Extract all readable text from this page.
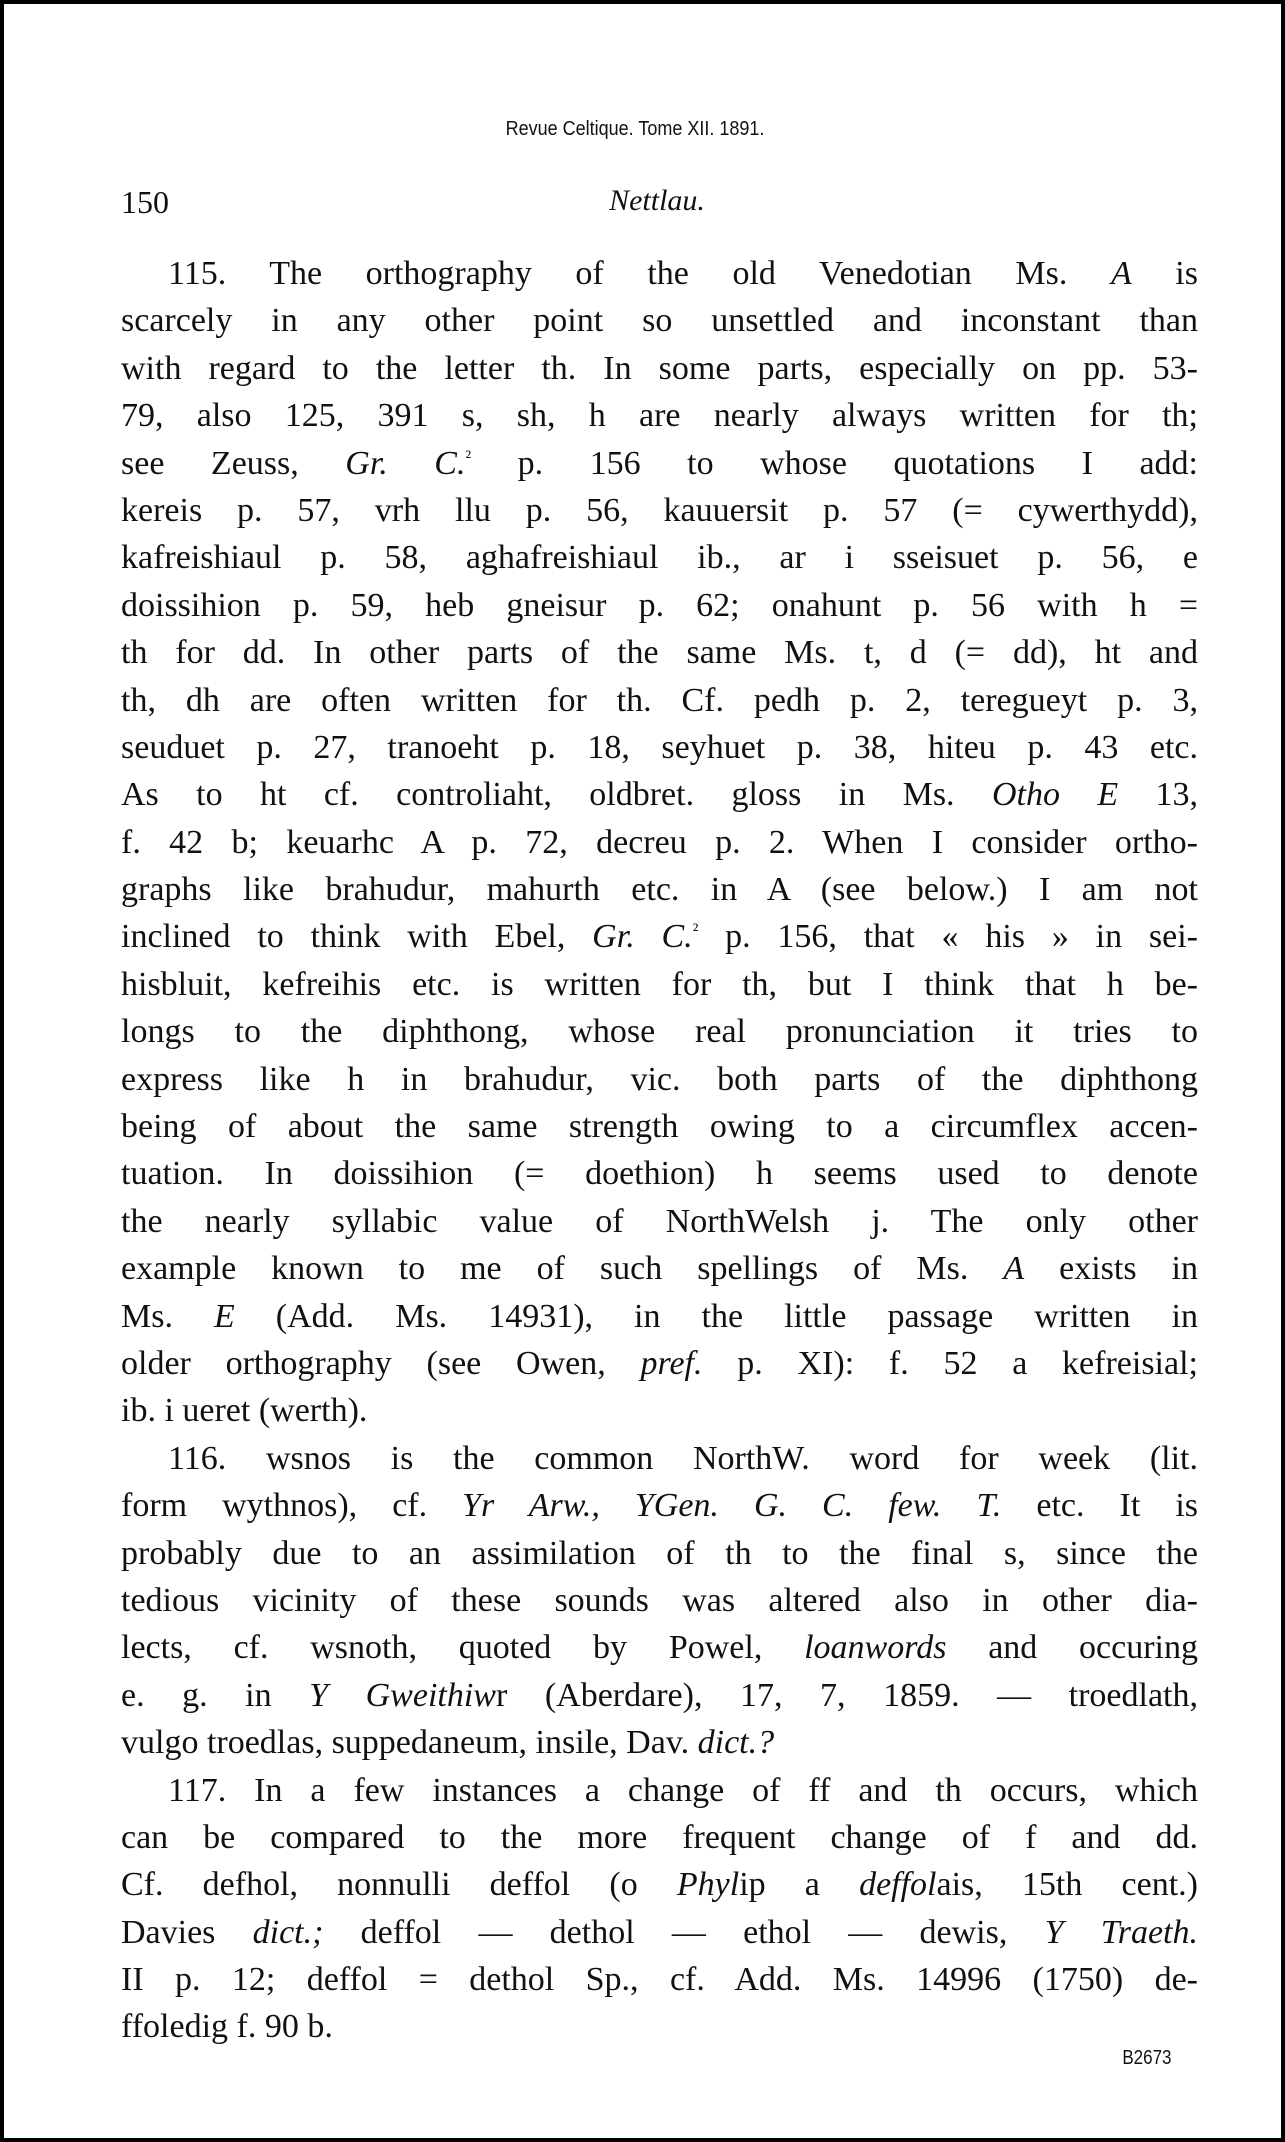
Revue Celtique. Tome XII. 1891.
150	Nettlau.
115. The orthography of the old Venedotian Ms. A is
scarcely in any other point so unsettled and inconstant than
with regard to the letter th. In some parts, especially on pp. 53-
79, also 125, 391 s, sh, h are nearly always written for th;
see Zeuss, Gr. C.$^{^2}$ p. 156 to whose quotations I add:
kereis p. 57, vrh llu p. 56, kauuersit p. 57 (= cywerthydd),
kafreishiaul p. 58, aghafreishiaul ib., ar i sseisuet p. 56, e
doissihion p. 59, heb gneisur p. 62; onahunt p. 56 with h =
th for dd. In other parts of the same Ms. t, d (= dd), ht and
th, dh are often written for th. Cf. pedh p. 2, teregueyt p. 3,
seuduet p. 27, tranoeht p. 18, seyhuet p. 38, hiteu p. 43 etc.
As to ht cf. controliaht, oldbret. gloss in Ms. Otho E 13,
f. 42 b; keuarhc A p. 72, decreu p. 2. When I consider ortho-
graphs like brahudur, mahurth etc. in A (see below.) I am not
inclined to think with Ebel, Gr. C.$^{^2}$ p. 156, that « his » in sei-
hisbluit, kefreihis etc. is written for th, but I think that h be-
longs to the diphthong, whose real pronunciation it tries to
express like h in brahudur, vic. both parts of the diphthong
being of about the same strength owing to a circumflex accen-
tuation. In doissihion (= doethion) h seems used to denote
the nearly syllabic value of NorthWelsh j. The only other
example known to me of such spellings of Ms. A exists in
Ms. E (Add. Ms. 14931), in the little passage written in
older orthography (see Owen, pref. p. XI): f. 52 a kefreisial;
ib. i ueret (werth).
116. wsnos is the common NorthW. word for week (lit.
form wythnos), cf. Yr Arw., YGen. G. C. few. T. etc. It is
probably due to an assimilation of th to the final s, since the
tedious vicinity of these sounds was altered also in other dia-
lects, cf. wsnoth, quoted by Powel, loanwords and occuring
e. g. in Y Gweithiwr (Aberdare), 17, 7, 1859. — troedlath,
vulgo troedlas, suppedaneum, insile, Dav. dict.?
117. In a few instances a change of ff and th occurs, which
can be compared to the more frequent change of f and dd.
Cf. defhol, nonnulli deffol (o Phylip a deffolais, 15th cent.)
Davies dict.; deffol — dethol — ethol — dewis, Y Traeth.
II p. 12; deffol = dethol Sp., cf. Add. Ms. 14996 (1750) de-
ffoledig f. 90 b.
B2673
